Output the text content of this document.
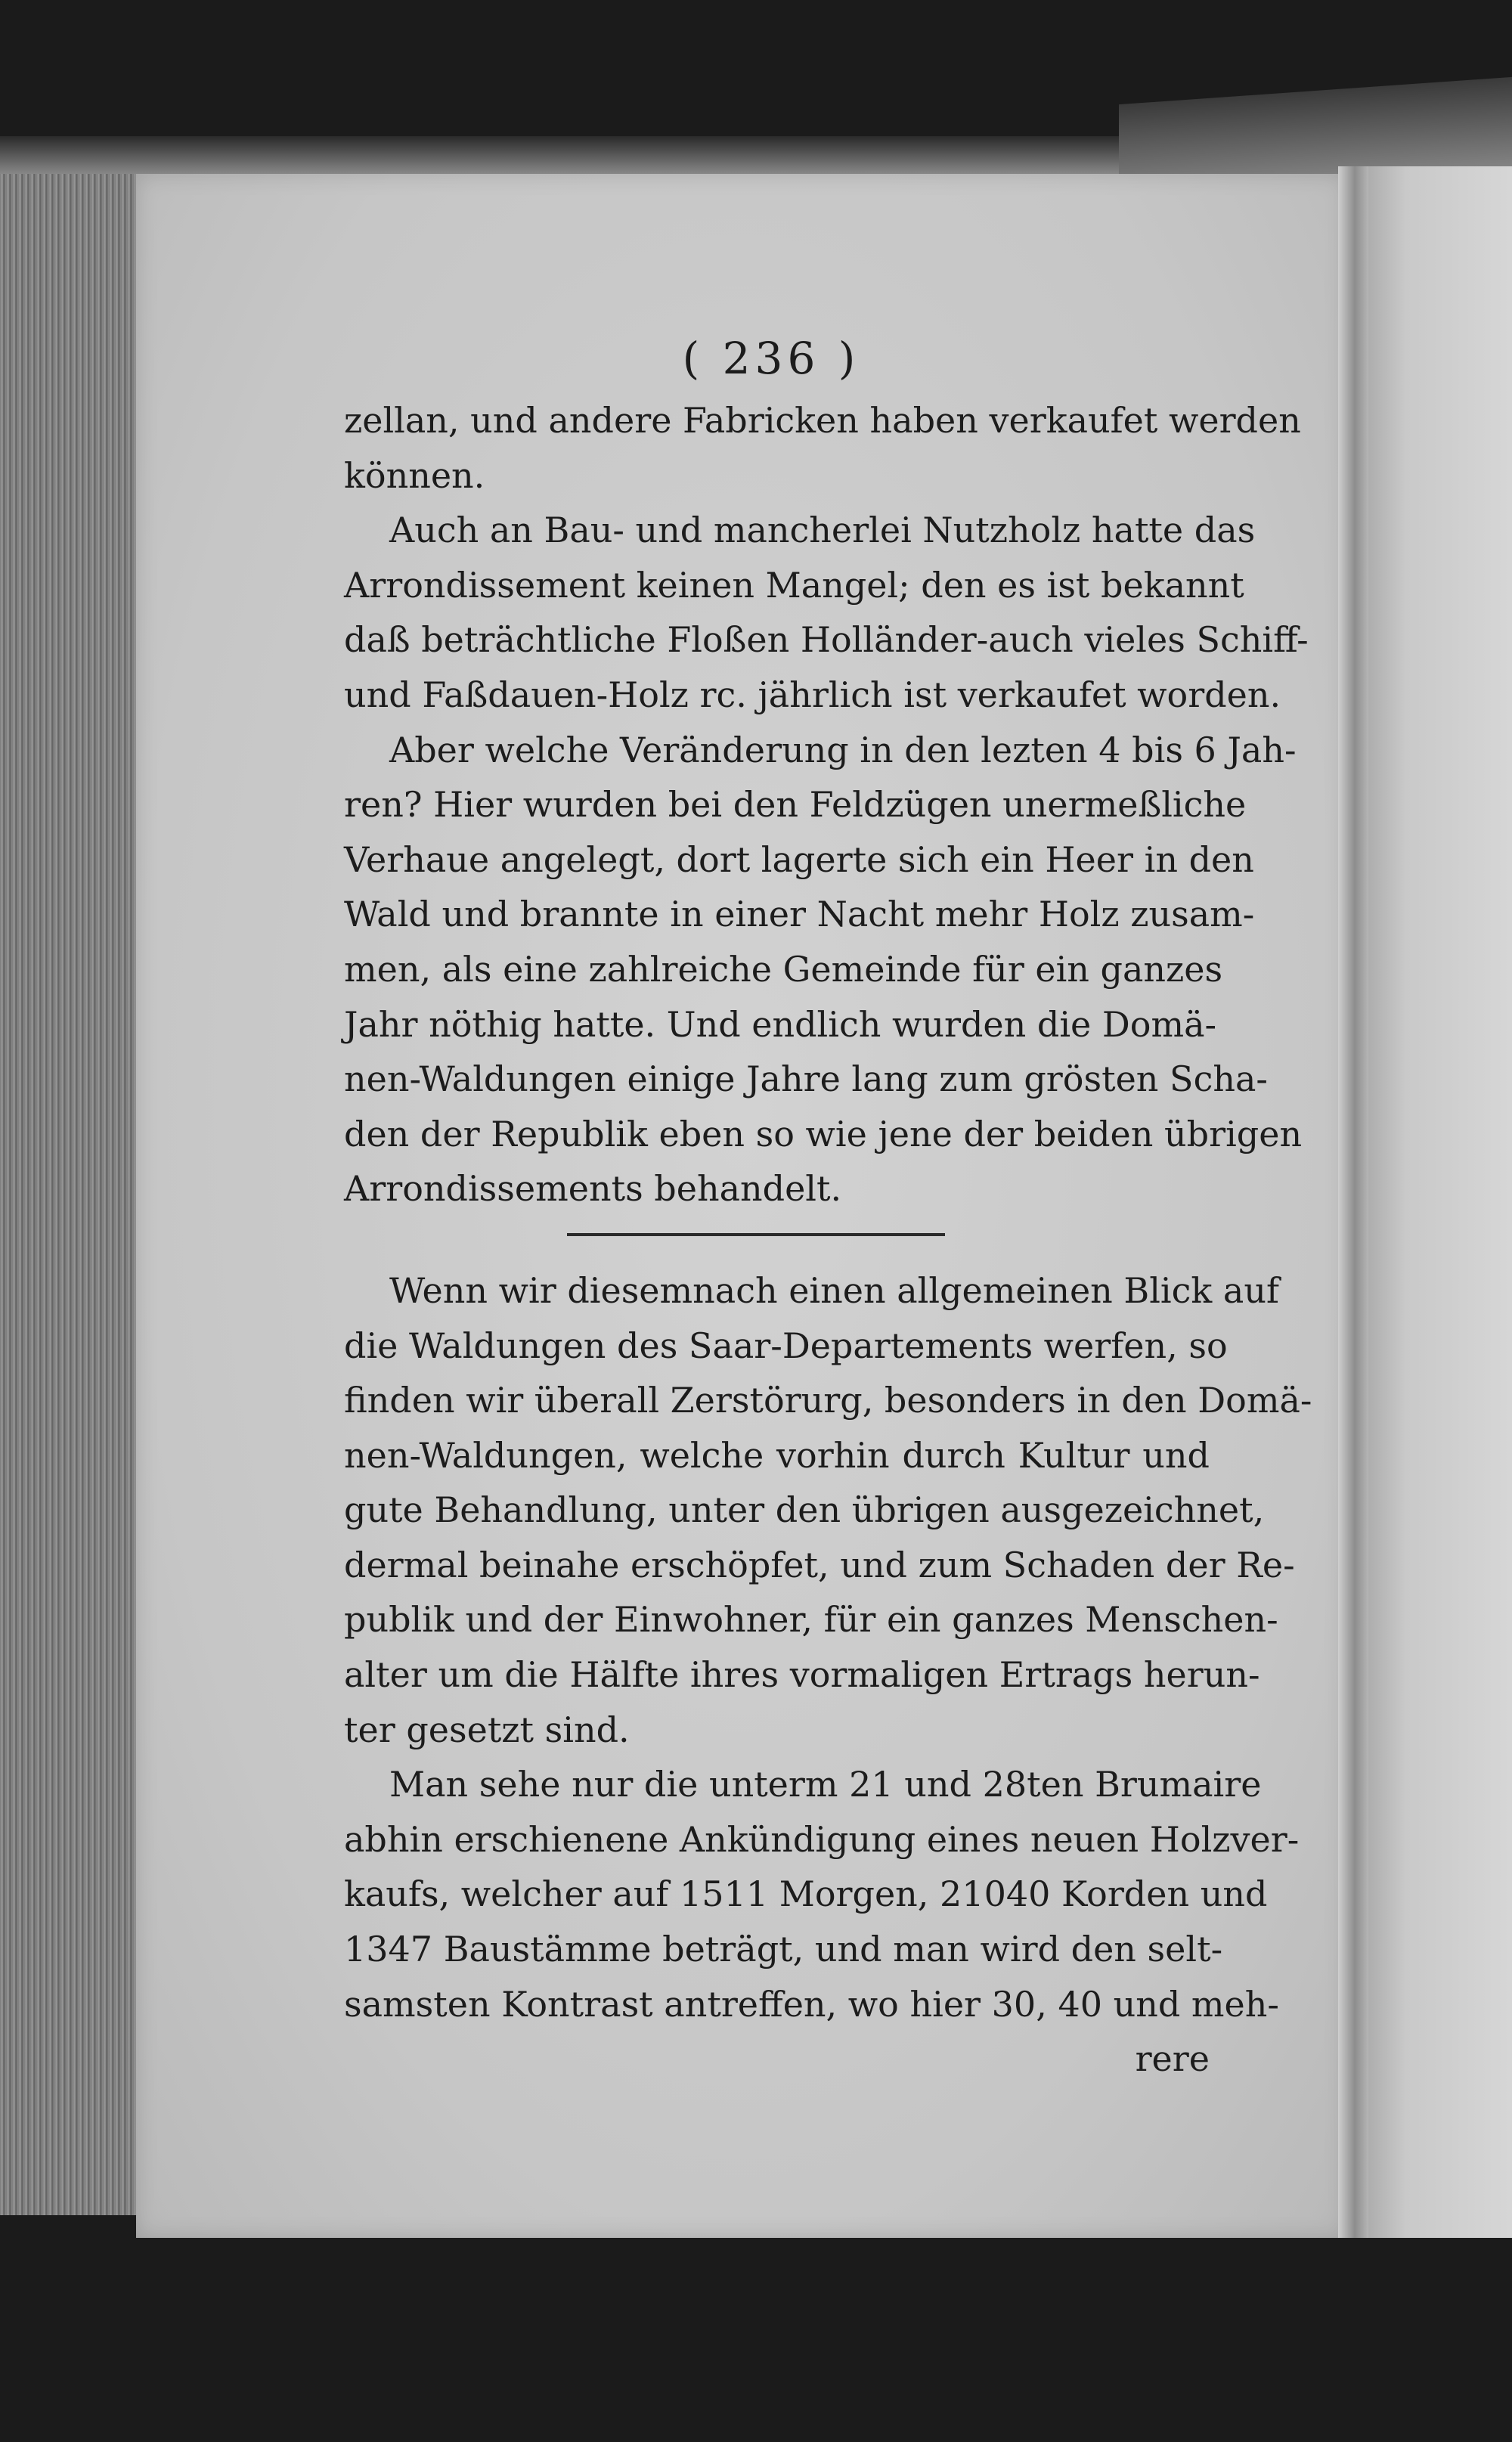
( 236 )
zellan, und andere Fabricken haben verkaufet werden
können.
Auch an Bau- und mancherlei Nutzholz hatte das
Arrondissement keinen Mangel; den es ist bekannt
daß beträchtliche Floßen Holländer-auch vieles Schiff-
und Faßdauen-Holz rc. jährlich ist verkaufet worden.
Aber welche Veränderung in den lezten 4 bis 6 Jah-
ren? Hier wurden bei den Feldzügen unermeßliche
Verhaue angelegt, dort lagerte sich ein Heer in den
Wald und brannte in einer Nacht mehr Holz zusam-
men, als eine zahlreiche Gemeinde für ein ganzes
Jahr nöthig hatte. Und endlich wurden die Domä-
nen-Waldungen einige Jahre lang zum grösten Scha-
den der Republik eben so wie jene der beiden übrigen
Arrondissements behandelt.
Wenn wir diesemnach einen allgemeinen Blick auf
die Waldungen des Saar-Departements werfen, so
finden wir überall Zerstörurg, besonders in den Domä-
nen-Waldungen, welche vorhin durch Kultur und
gute Behandlung, unter den übrigen ausgezeichnet,
dermal beinahe erschöpfet, und zum Schaden der Re-
publik und der Einwohner, für ein ganzes Menschen-
alter um die Hälfte ihres vormaligen Ertrags herun-
ter gesetzt sind.
Man sehe nur die unterm 21 und 28ten Brumaire
abhin erschienene Ankündigung eines neuen Holzver-
kaufs, welcher auf 1511 Morgen, 21040 Korden und
1347 Baustämme beträgt, und man wird den selt-
samsten Kontrast antreffen, wo hier 30, 40 und meh-
rere
